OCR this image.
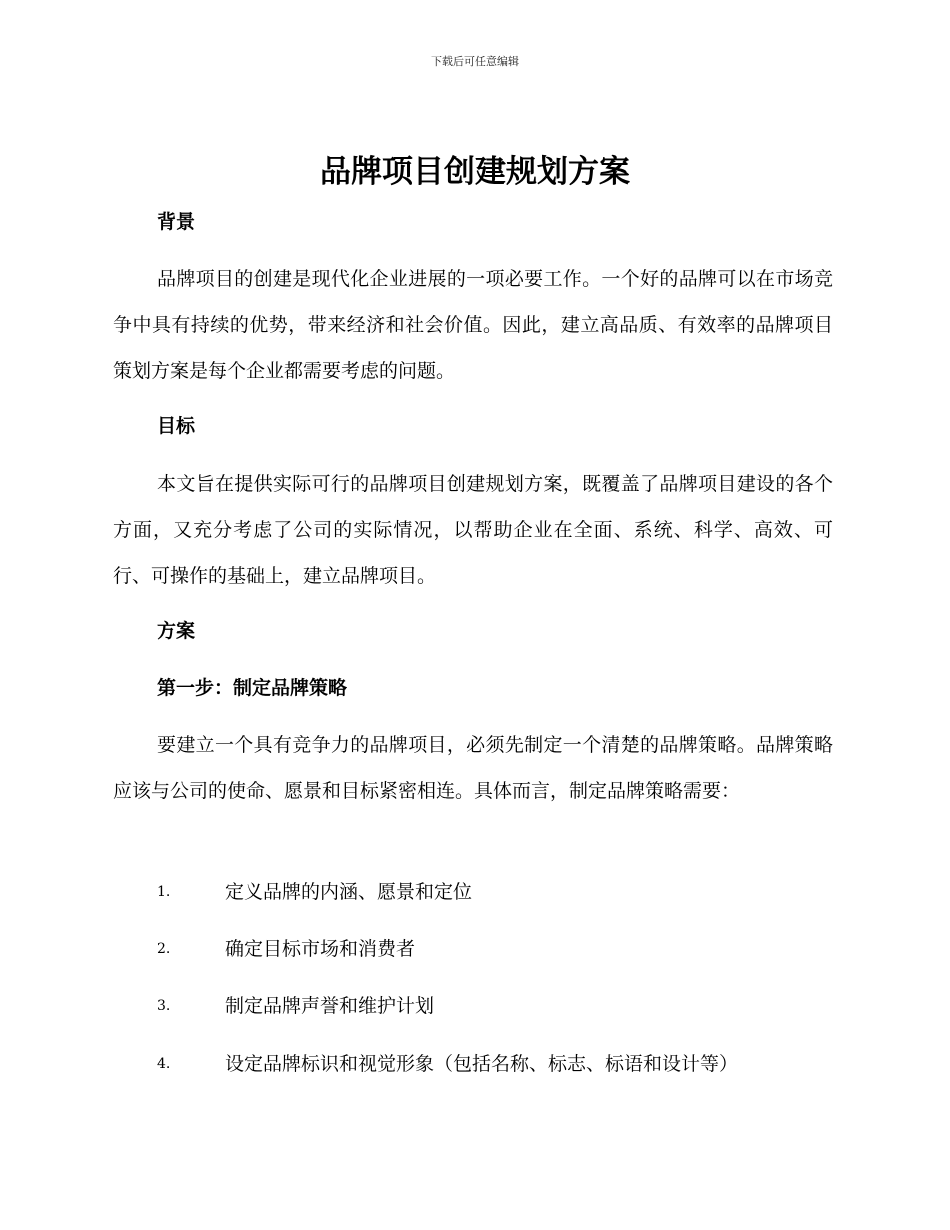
下载后可任意编辑
品牌项目创建规划方案
背景

品牌项目的创建是现代化企业进展的一项必要工作。一个好的品牌可以在市场竞争中具有持续的优势，带来经济和社会价值。因此，建立高品质、有效率的品牌项目策划方案是每个企业都需要考虑的问题。

目标

本文旨在提供实际可行的品牌项目创建规划方案，既覆盖了品牌项目建设的各个方面，又充分考虑了公司的实际情况，以帮助企业在全面、系统、科学、高效、可行、可操作的基础上，建立品牌项目。

方案
第一步：制定品牌策略

要建立一个具有竞争力的品牌项目，必须先制定一个清楚的品牌策略。品牌策略应该与公司的使命、愿景和目标紧密相连。具体而言，制定品牌策略需要：

1.	定义品牌的内涵、愿景和定位
2.	确定目标市场和消费者
3.	制定品牌声誉和维护计划
4.	设定品牌标识和视觉形象（包括名称、标志、标语和设计等）
